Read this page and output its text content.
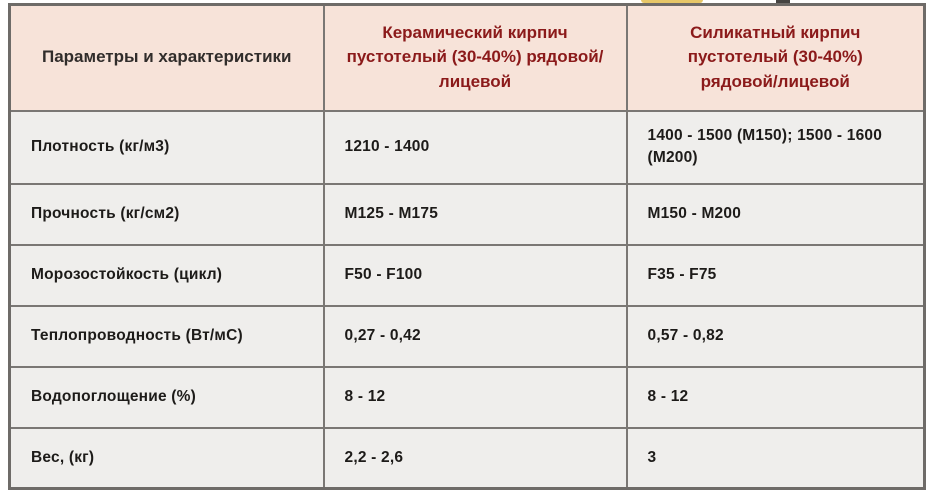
Параметры и характеристики	Керамический кирпич пустотелый (30-40%) рядовой/лицевой	Силикатный кирпич пустотелый (30-40%) рядовой/лицевой
Плотность (кг/м3)	1210 - 1400	1400 - 1500 (М150); 1500 - 1600 (М200)
Прочность (кг/см2)	М125 - М175	М150 - М200
Морозостойкость (цикл)	F50 - F100	F35 - F75
Теплопроводность (Вт/мС)	0,27 - 0,42	0,57 - 0,82
Водопоглощение (%)	8 - 12	8 - 12
Вес, (кг)	2,2 - 2,6	3
